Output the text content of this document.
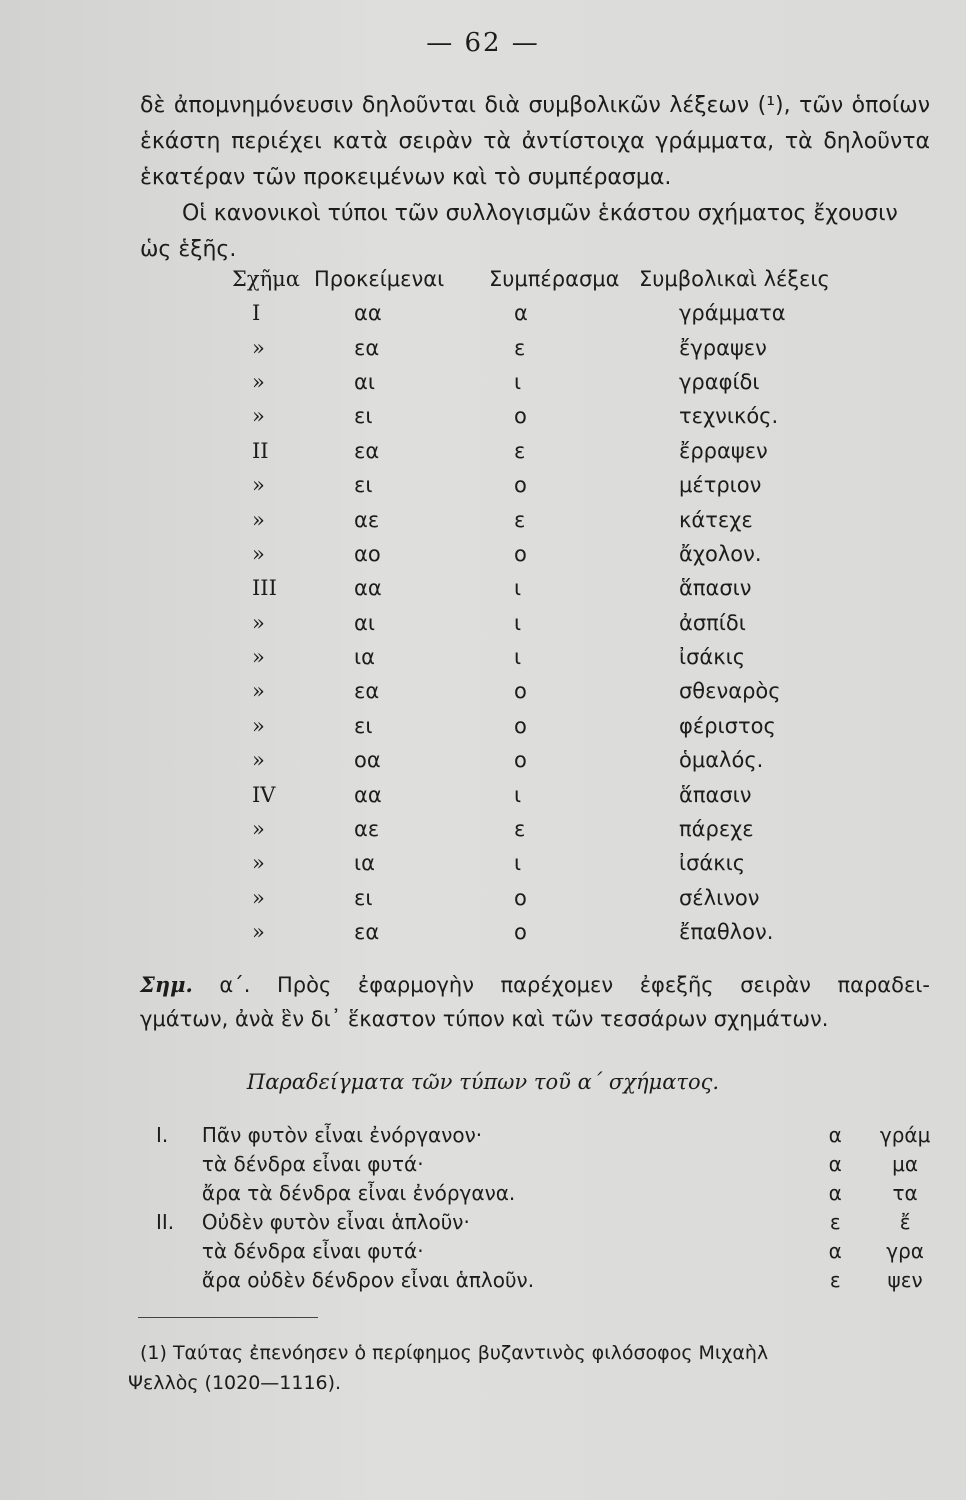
— 62 —

δὲ ἀπομνημόνευσιν δηλοῦνται διὰ συμβολικῶν λέξεων (¹), τῶν ὁποίων

ἑκάστη περιέχει κατὰ σειρὰν τὰ ἀντίστοιχα γράμματα, τὰ δηλοῦντα

ἑκατέραν τῶν προκειμένων καὶ τὸ συμπέρασμα.

Οἱ κανονικοὶ τύποι τῶν συλλογισμῶν ἑκάστου σχήματος ἔχουσιν

ὡς ἑξῆς.

Σχῆμα Προκείμεναι	Συμπέρασμα Συμβολικαὶ λέξεις
I	αα	α	γράμματα
»	εα	ε	ἔγραψεν
»	αι	ι	γραφίδι
»	ει	ο	τεχνικός.
II	εα	ε	ἔρραψεν
»	ει	ο	μέτριον
»	αε	ε	κάτεχε
»	αο	ο	ἄχολον.
III	αα	ι	ἅπασιν
»	αι	ι	ἀσπίδι
»	ια	ι	ἰσάκις
»	εα	ο	σθεναρὸς
»	ει	ο	φέριστος
»	οα	ο	ὁμαλός.
IV	αα	ι	ἅπασιν
»	αε	ε	πάρεχε
»	ια	ι	ἰσάκις
»	ει	ο	σέλινον
»	εα	ο	ἔπαθλον.

Σημ. α΄. Πρὸς ἐφαρμογὴν παρέχομεν ἐφεξῆς σειρὰν παραδει-

γμάτων, ἀνὰ ἓν δι᾽ ἕκαστον τύπον καὶ τῶν τεσσάρων σχημάτων.

Παραδείγματα τῶν τύπων τοῦ α΄ σχήματος.
I.	Πᾶν φυτὸν εἶναι ἐνόργανον·	α	γράμ
τὰ δένδρα εἶναι φυτά·	α	μα
ἄρα τὰ δένδρα εἶναι ἐνόργανα.	α	τα
II.	Οὐδὲν φυτὸν εἶναι ἁπλοῦν·	ε	ἔ
τὰ δένδρα εἶναι φυτά·	α	γρα
ἄρα οὐδὲν δένδρον εἶναι ἁπλοῦν.	ε	ψεν

(1) Ταύτας ἐπενόησεν ὁ περίφημος βυζαντινὸς φιλόσοφος Μιχαὴλ

Ψελλὸς (1020—1116).
